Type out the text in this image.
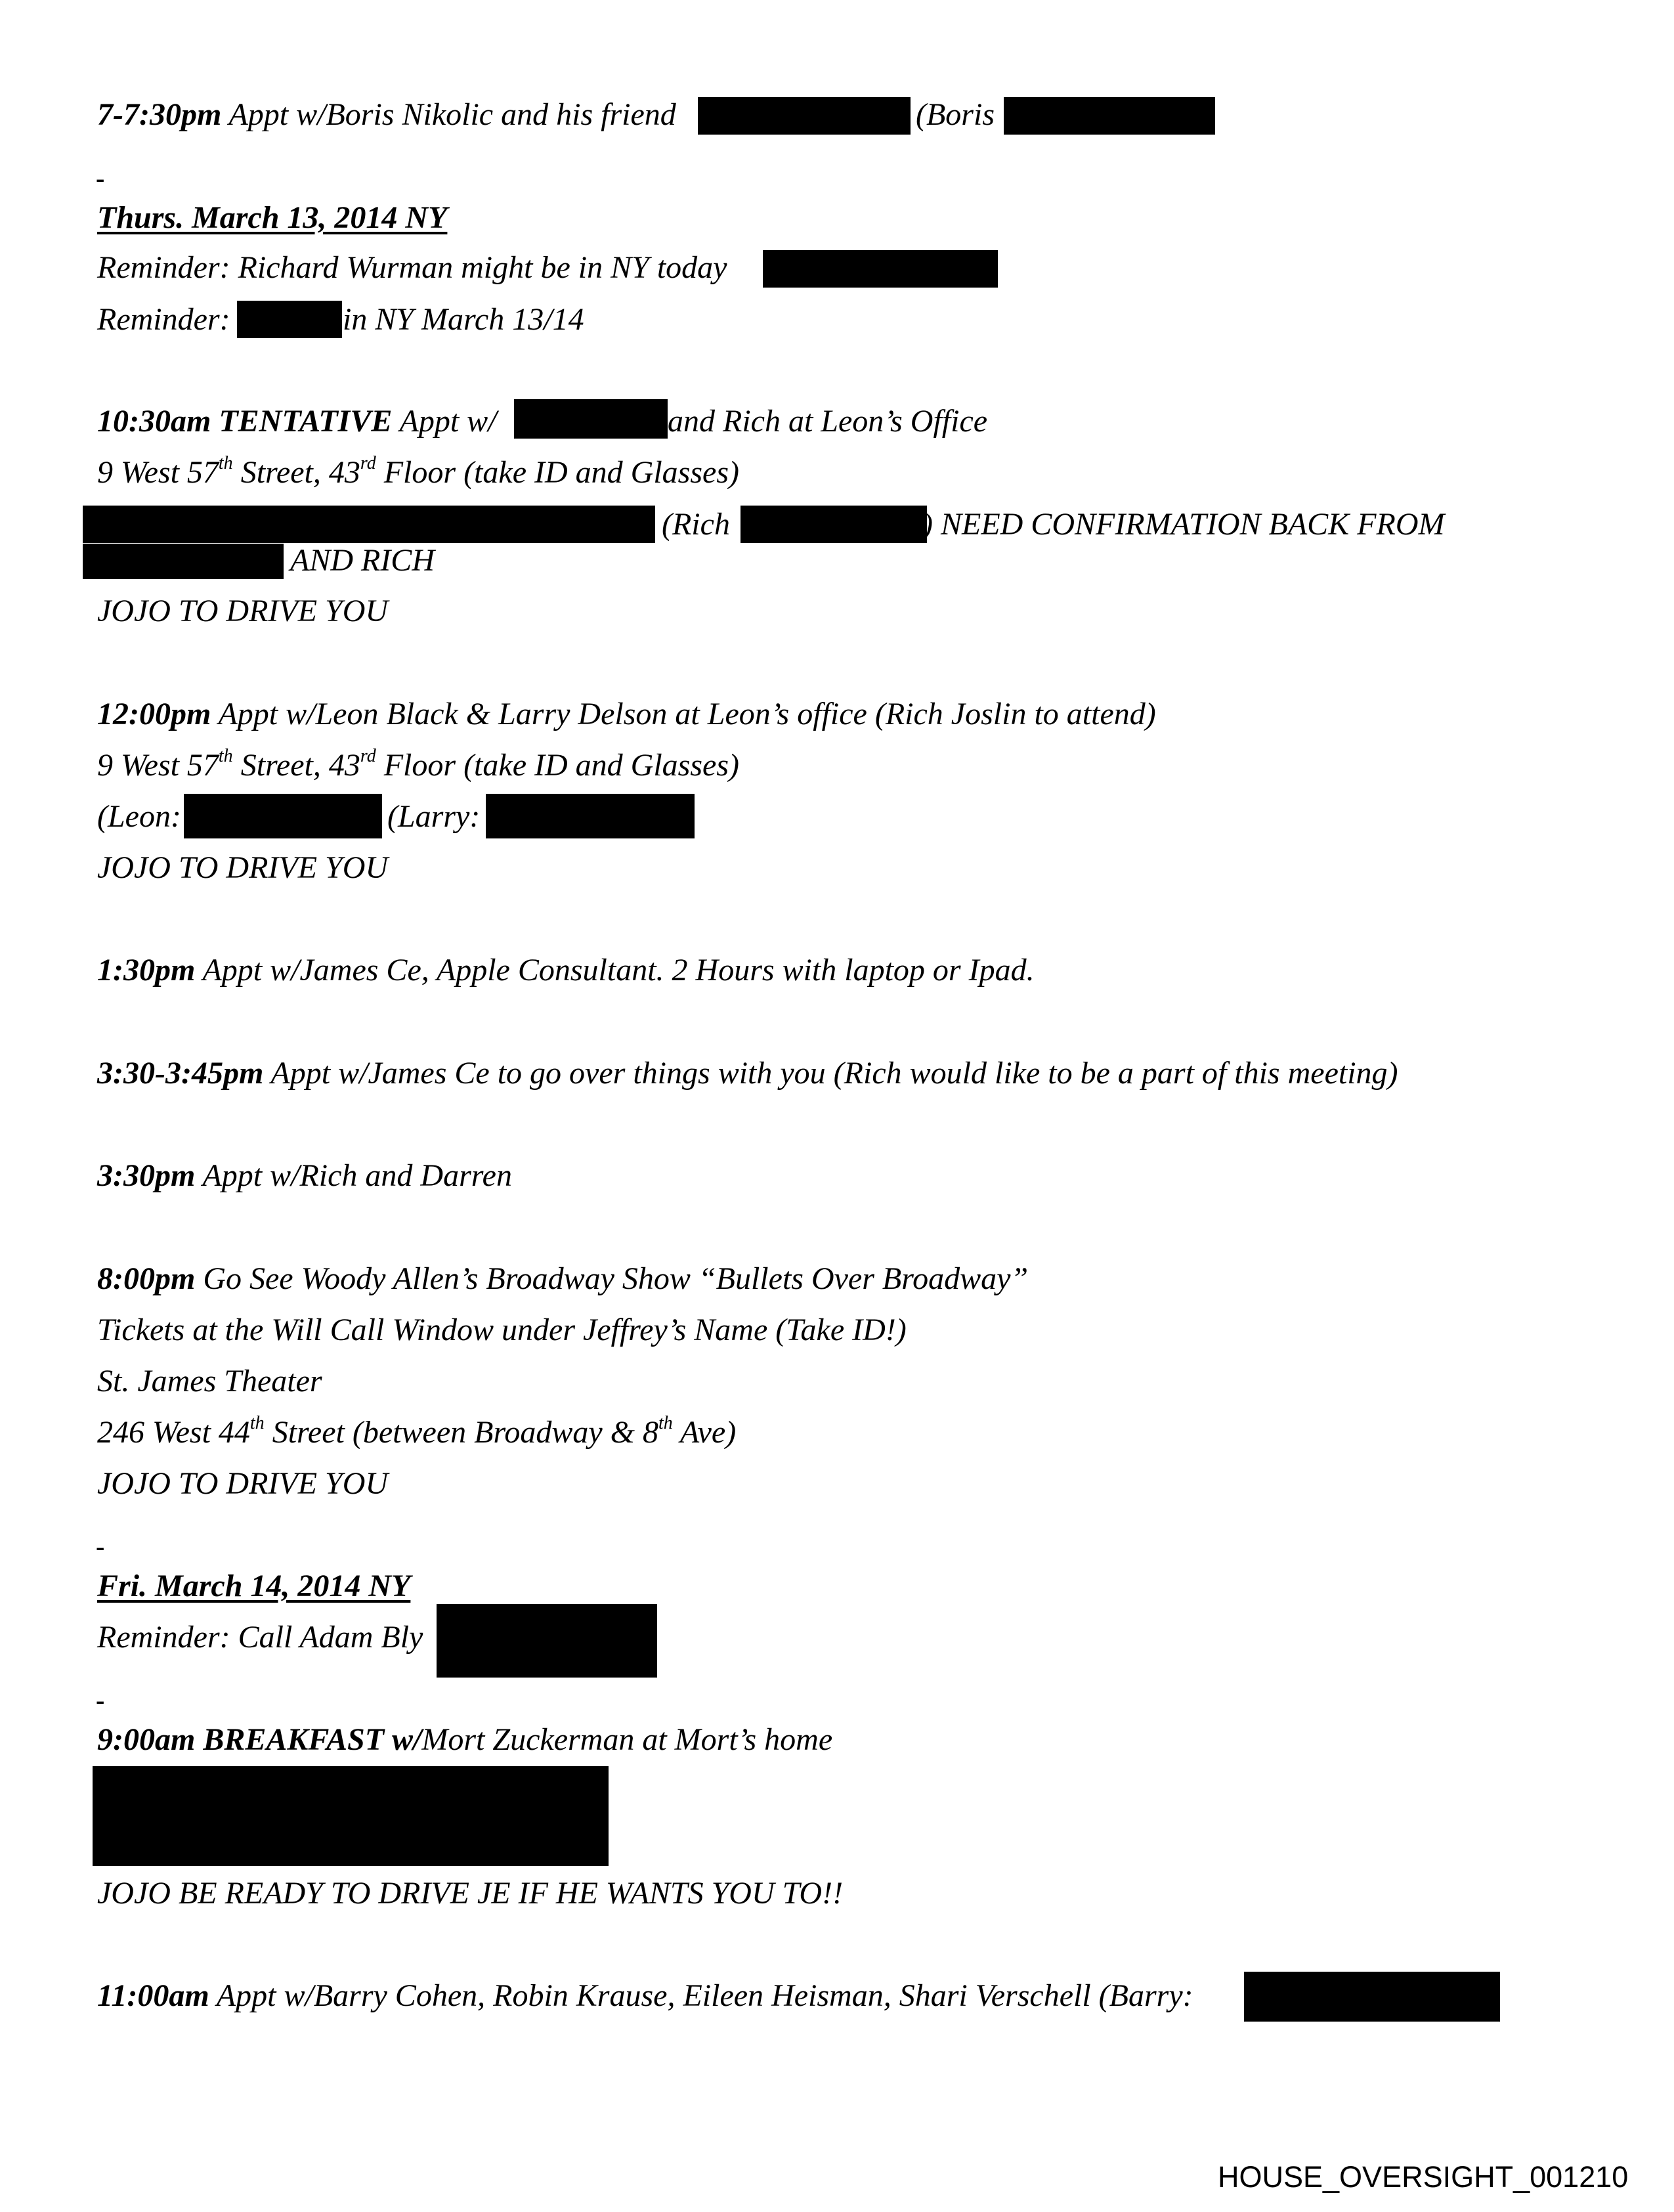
7-7:30pm Appt w/Boris Nikolic and his friend	(Boris
-
Thurs. March 13, 2014 NY
Reminder: Richard Wurman might be in NY today
Reminder:	in NY March 13/14
10:30am TENTATIVE Appt w/	and Rich at Leon’s Office
9 West 57th Street, 43rd Floor (take ID and Glasses)
(Rich	) NEED CONFIRMATION BACK FROM
AND RICH
JOJO TO DRIVE YOU
12:00pm Appt w/Leon Black & Larry Delson at Leon’s office (Rich Joslin to attend)
9 West 57th Street, 43rd Floor (take ID and Glasses)
(Leon:	(Larry:
JOJO TO DRIVE YOU
1:30pm Appt w/James Ce, Apple Consultant. 2 Hours with laptop or Ipad.
3:30-3:45pm Appt w/James Ce to go over things with you (Rich would like to be a part of this meeting)
3:30pm Appt w/Rich and Darren
8:00pm Go See Woody Allen’s Broadway Show “Bullets Over Broadway”
Tickets at the Will Call Window under Jeffrey’s Name (Take ID!)
St. James Theater
246 West 44th Street (between Broadway & 8th Ave)
JOJO TO DRIVE YOU
-
Fri. March 14, 2014 NY
Reminder: Call Adam Bly
-
9:00am BREAKFAST w/Mort Zuckerman at Mort’s home
JOJO BE READY TO DRIVE JE IF HE WANTS YOU TO!!
11:00am Appt w/Barry Cohen, Robin Krause, Eileen Heisman, Shari Verschell (Barry:
HOUSE_OVERSIGHT_001210
